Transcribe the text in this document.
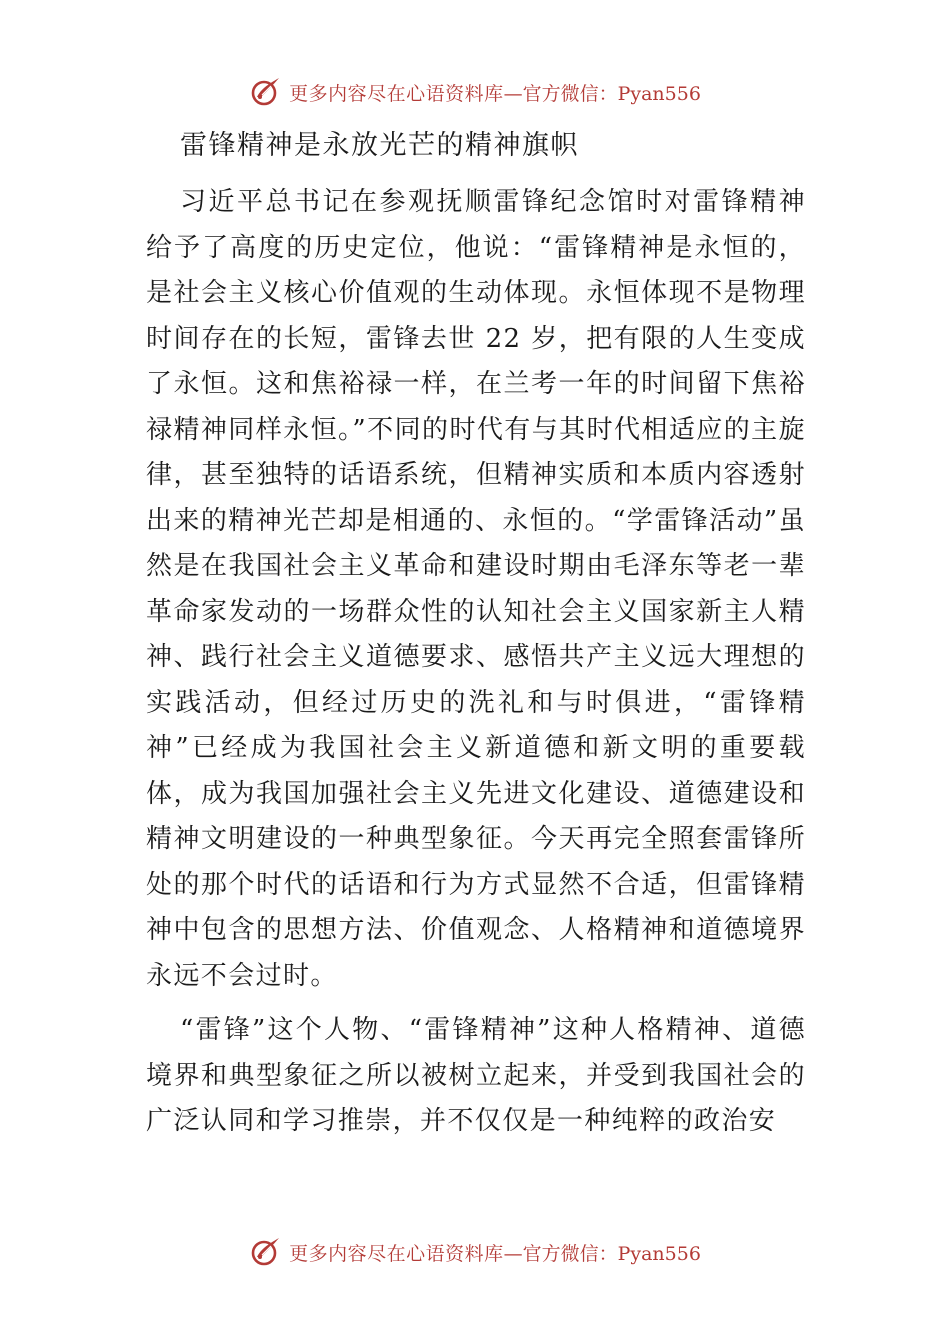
更多内容尽在心语资料库 —官方微信：Pyan556
雷锋精神是永放光芒的精神旗帜

习近平总书记在参观抚顺雷锋纪念馆时对雷锋精神给予了高度的历史定位，他说：“雷锋精神是永恒的，是社会主义核心价值观的生动体现。永恒体现不是物理时间存在的长短，雷锋去世 22 岁，把有限的人生变成了永恒。这和焦裕禄一样，在兰考一年的时间留下焦裕禄精神同样永恒。”不同的时代有与其时代相适应的主旋律，甚至独特的话语系统，但精神实质和本质内容透射出来的精神光芒却是相通的、永恒的。“学雷锋活动”虽然是在我国社会主义革命和建设时期由毛泽东等老一辈革命家发动的一场群众性的认知社会主义国家新主人精神、践行社会主义道德要求、感悟共产主义远大理想的实践活动，但经过历史的洗礼和与时俱进，“雷锋精神”已经成为我国社会主义新道德和新文明的重要载体，成为我国加强社会主义先进文化建设、道德建设和精神文明建设的一种典型象征。今天再完全照套雷锋所处的那个时代的话语和行为方式显然不合适，但雷锋精神中包含的思想方法、价值观念、人格精神和道德境界永远不会过时。

“雷锋”这个人物、“雷锋精神”这种人格精神、道德境界和典型象征之所以被树立起来，并受到我国社会的广泛认同和学习推崇，并不仅仅是一种纯粹的政治安

更多内容尽在心语资料库 —官方微信：Pyan556
